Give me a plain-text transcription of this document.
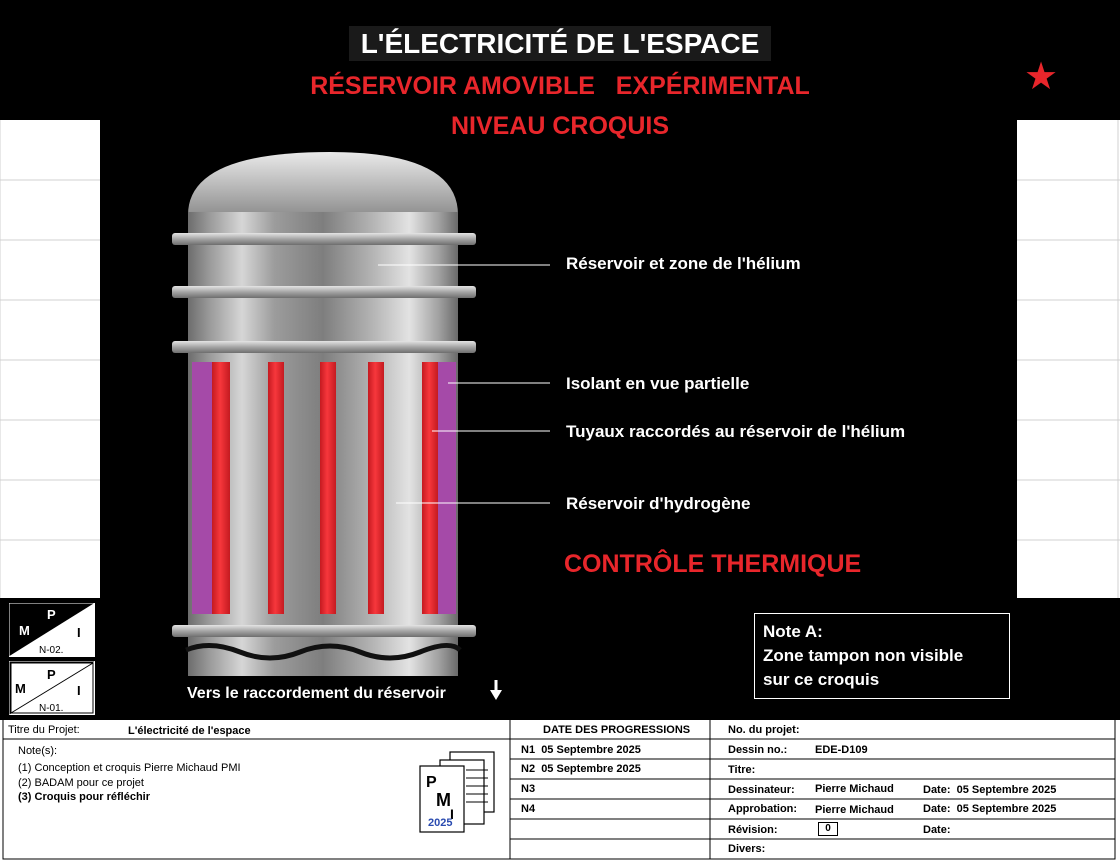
L'ÉLECTRICITÉ DE L'ESPACE
RÉSERVOIR AMOVIBLE   EXPÉRIMENTAL
NIVEAU CROQUIS
★
Réservoir et zone de l'hélium
Isolant en vue partielle
Tuyaux raccordés au réservoir de l'hélium
Réservoir d'hydrogène
Vers le raccordement du réservoir
CONTRÔLE THERMIQUE
Note A:
Zone tampon non visible
sur ce croquis
M
P
I
N-02.
M
P
I
N-01.
Titre du Projet:	L'électricité de l'espace
Note(s):
(1) Conception et croquis Pierre Michaud PMI
(2) BADAM pour ce projet
(3) Croquis pour réfléchir
P
M
I
2025
DATE DES PROGRESSIONS
N1 05 Septembre 2025
N2 05 Septembre 2025
N3
N4
No. du projet:
Dessin no.:	EDE-D109
Titre:
Dessinateur: Pierre Michaud	Date: 05 Septembre 2025
Approbation: Pierre Michaud	Date: 05 Septembre 2025
Révision:	0	Date:
Divers:
